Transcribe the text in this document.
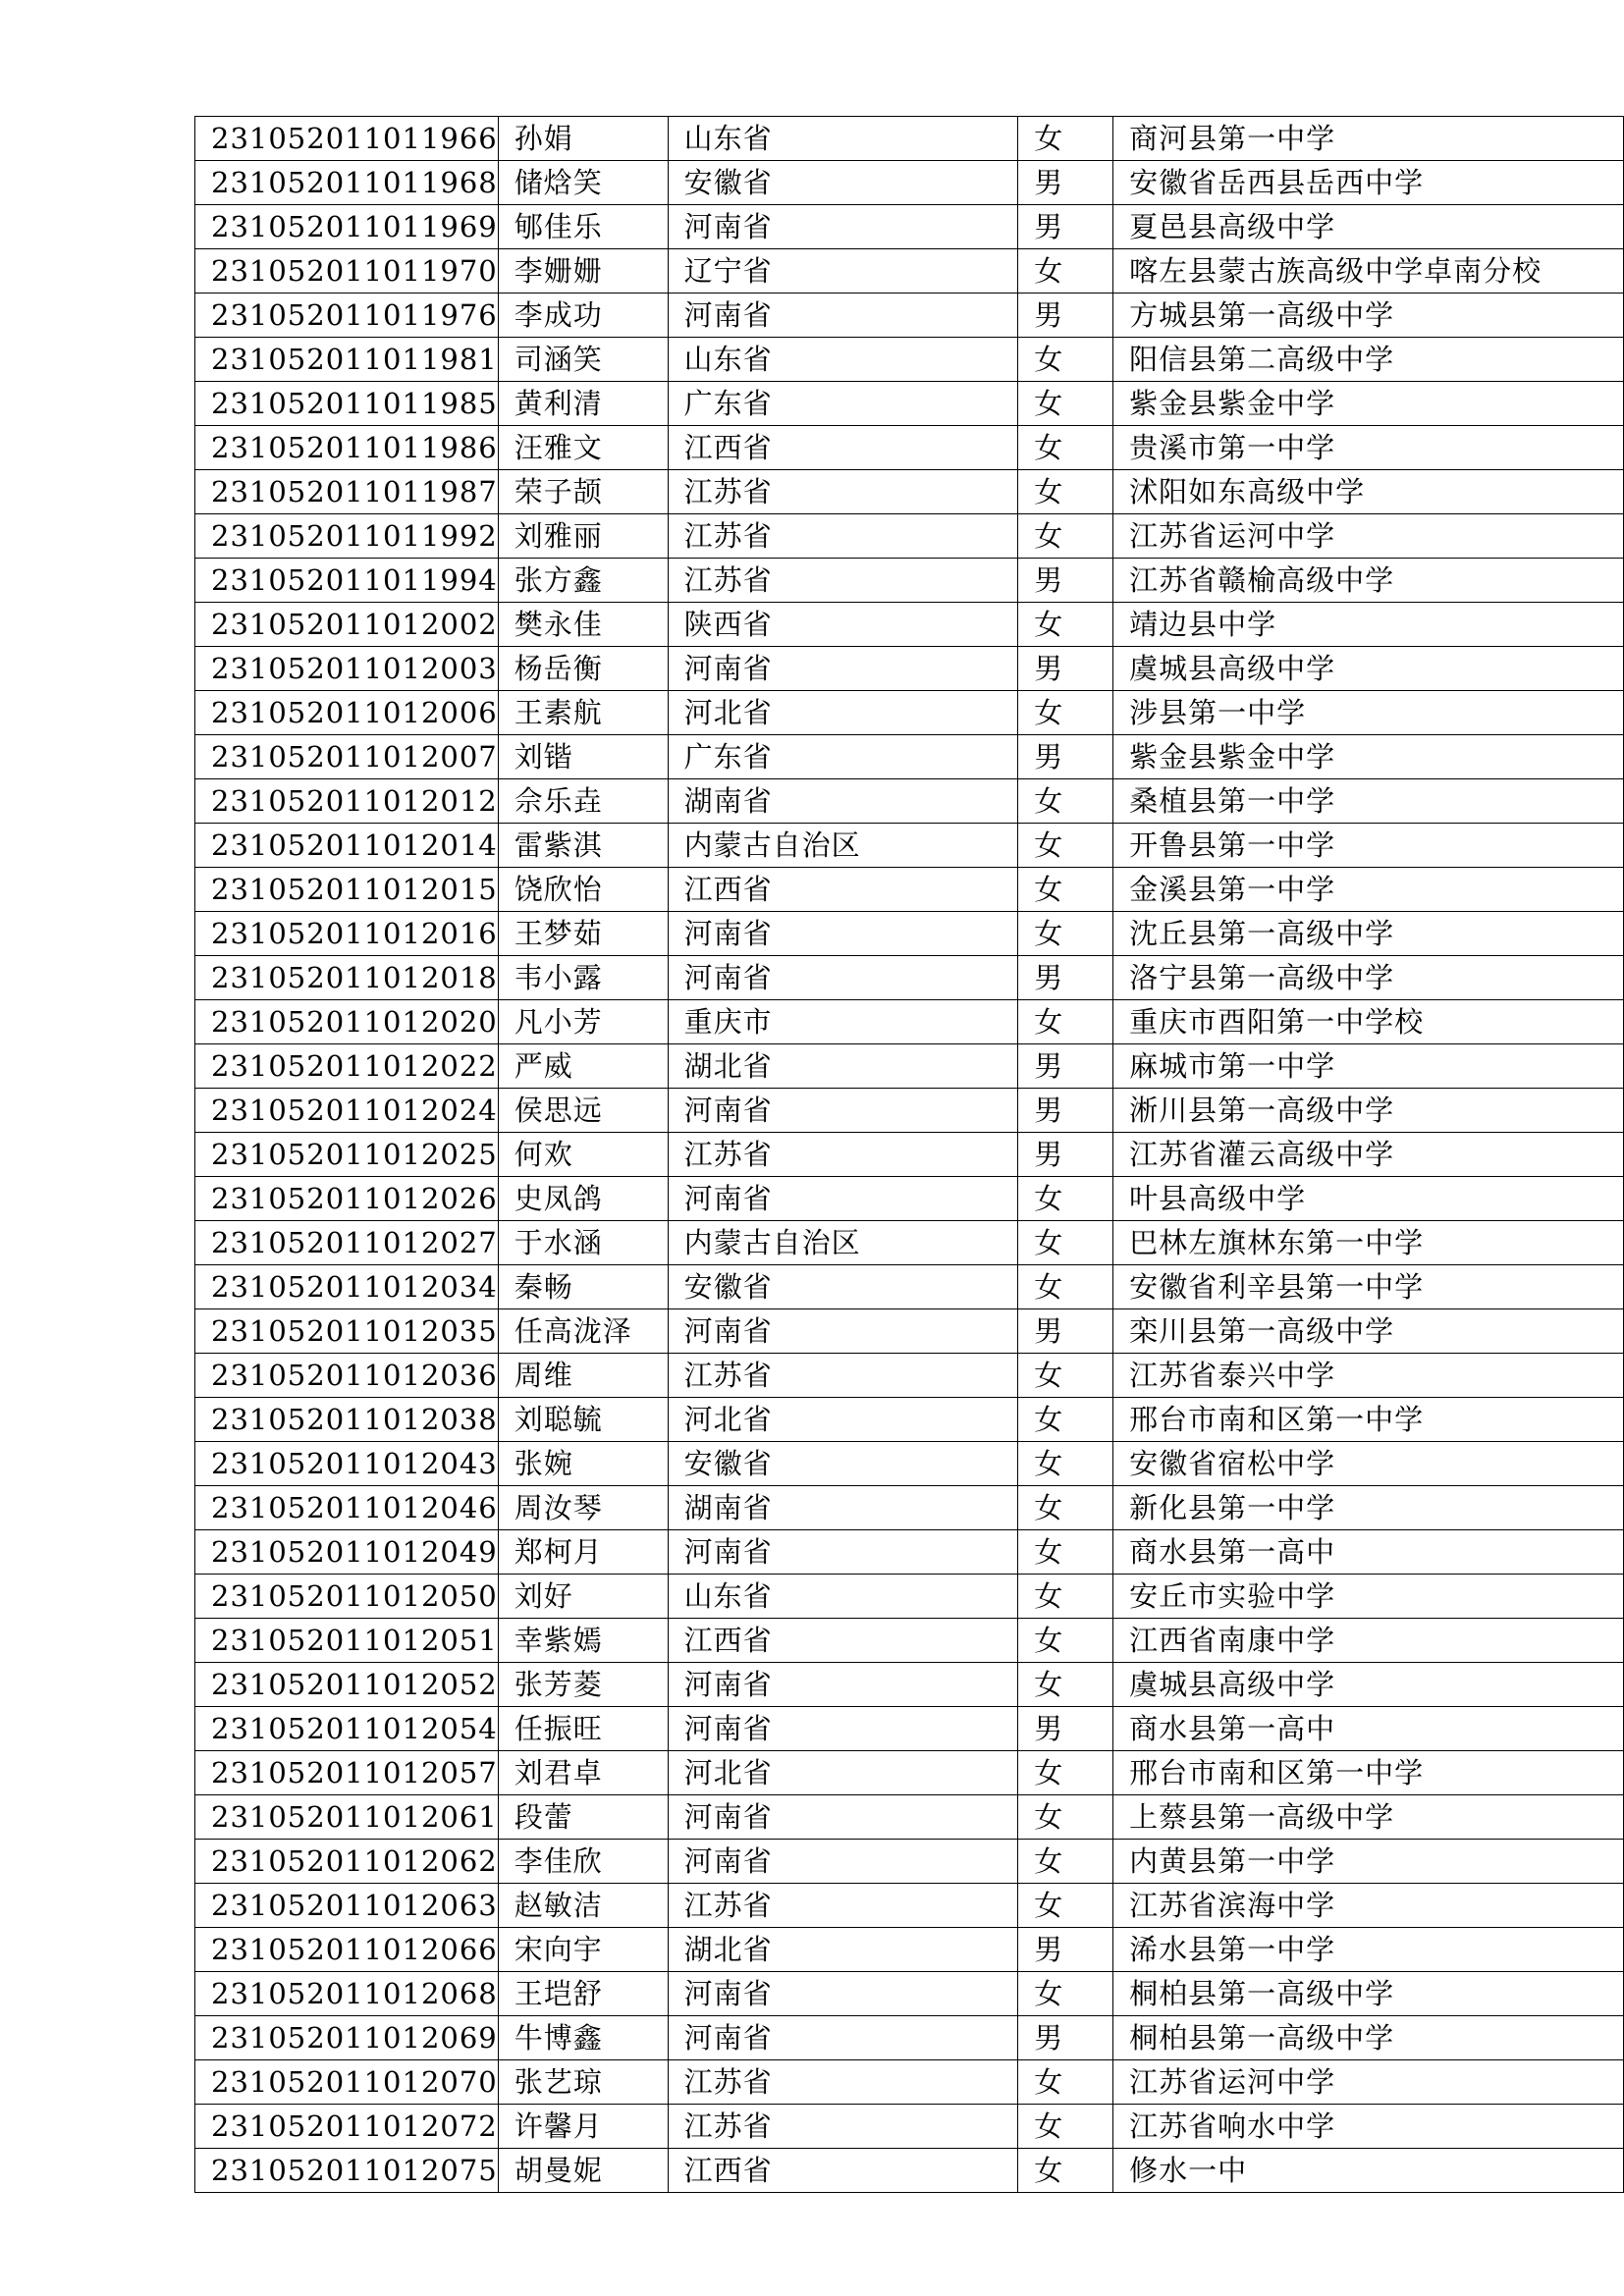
231052011011966	孙娟	山东省	女	商河县第一中学
231052011011968	储焓笑	安徽省	男	安徽省岳西县岳西中学
231052011011969	郇佳乐	河南省	男	夏邑县高级中学
231052011011970	李姗姗	辽宁省	女	喀左县蒙古族高级中学卓南分校
231052011011976	李成功	河南省	男	方城县第一高级中学
231052011011981	司涵笑	山东省	女	阳信县第二高级中学
231052011011985	黄利清	广东省	女	紫金县紫金中学
231052011011986	汪雅文	江西省	女	贵溪市第一中学
231052011011987	荣子颉	江苏省	女	沭阳如东高级中学
231052011011992	刘雅丽	江苏省	女	江苏省运河中学
231052011011994	张方鑫	江苏省	男	江苏省赣榆高级中学
231052011012002	樊永佳	陕西省	女	靖边县中学
231052011012003	杨岳衡	河南省	男	虞城县高级中学
231052011012006	王素航	河北省	女	涉县第一中学
231052011012007	刘锴	广东省	男	紫金县紫金中学
231052011012012	佘乐垚	湖南省	女	桑植县第一中学
231052011012014	雷紫淇	内蒙古自治区	女	开鲁县第一中学
231052011012015	饶欣怡	江西省	女	金溪县第一中学
231052011012016	王梦茹	河南省	女	沈丘县第一高级中学
231052011012018	韦小露	河南省	男	洛宁县第一高级中学
231052011012020	凡小芳	重庆市	女	重庆市酉阳第一中学校
231052011012022	严威	湖北省	男	麻城市第一中学
231052011012024	侯思远	河南省	男	淅川县第一高级中学
231052011012025	何欢	江苏省	男	江苏省灌云高级中学
231052011012026	史凤鸽	河南省	女	叶县高级中学
231052011012027	于水涵	内蒙古自治区	女	巴林左旗林东第一中学
231052011012034	秦畅	安徽省	女	安徽省利辛县第一中学
231052011012035	任高泷泽	河南省	男	栾川县第一高级中学
231052011012036	周维	江苏省	女	江苏省泰兴中学
231052011012038	刘聪毓	河北省	女	邢台市南和区第一中学
231052011012043	张婉	安徽省	女	安徽省宿松中学
231052011012046	周汝琴	湖南省	女	新化县第一中学
231052011012049	郑柯月	河南省	女	商水县第一高中
231052011012050	刘好	山东省	女	安丘市实验中学
231052011012051	幸紫嫣	江西省	女	江西省南康中学
231052011012052	张芳菱	河南省	女	虞城县高级中学
231052011012054	任振旺	河南省	男	商水县第一高中
231052011012057	刘君卓	河北省	女	邢台市南和区第一中学
231052011012061	段蕾	河南省	女	上蔡县第一高级中学
231052011012062	李佳欣	河南省	女	内黄县第一中学
231052011012063	赵敏洁	江苏省	女	江苏省滨海中学
231052011012066	宋向宇	湖北省	男	浠水县第一中学
231052011012068	王垲舒	河南省	女	桐柏县第一高级中学
231052011012069	牛博鑫	河南省	男	桐柏县第一高级中学
231052011012070	张艺琼	江苏省	女	江苏省运河中学
231052011012072	许馨月	江苏省	女	江苏省响水中学
231052011012075	胡曼妮	江西省	女	修水一中
